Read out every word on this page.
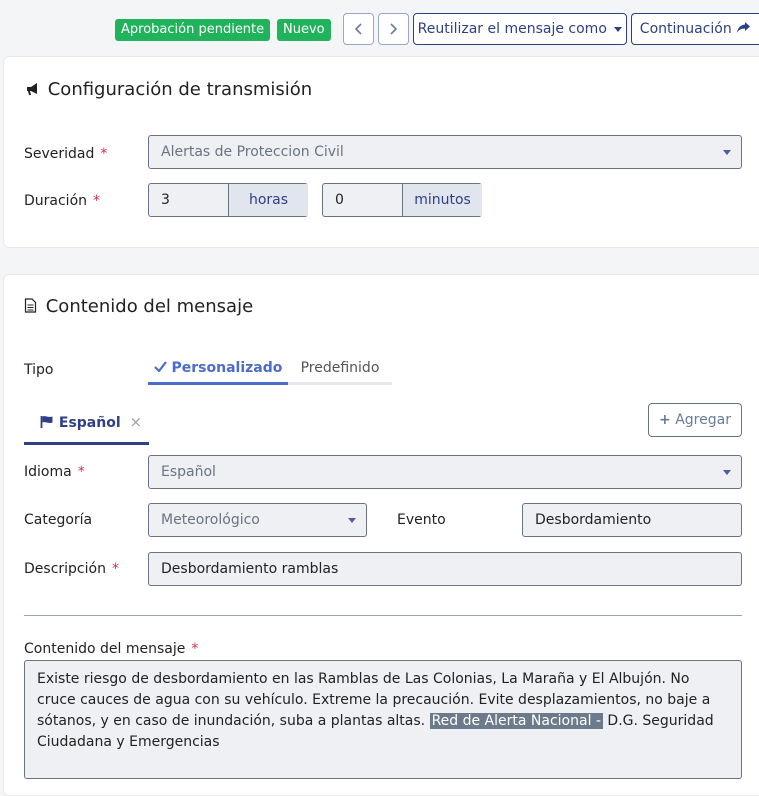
Aprobación pendiente	Nuevo	Reutilizar el mensaje como	Continuación
Configuración de transmisión
Severidad *	Alertas de Proteccion Civil
Duración *	3	horas	0	minutos
Contenido del mensaje
Tipo	Personalizado	Predefinido
Español ×	+ Agregar
Idioma *	Español
Categoría	Meteorológico	Evento	Desbordamiento
Descripción *	Desbordamiento ramblas
Contenido del mensaje *
Existe riesgo de desbordamiento en las Ramblas de Las Colonias, La Maraña y El Albujón. No cruce cauces de agua con su vehículo. Extreme la precaución. Evite desplazamientos, no baje a sótanos, y en caso de inundación, suba a plantas altas. Red de Alerta Nacional - D.G. Seguridad Ciudadana y Emergencias
